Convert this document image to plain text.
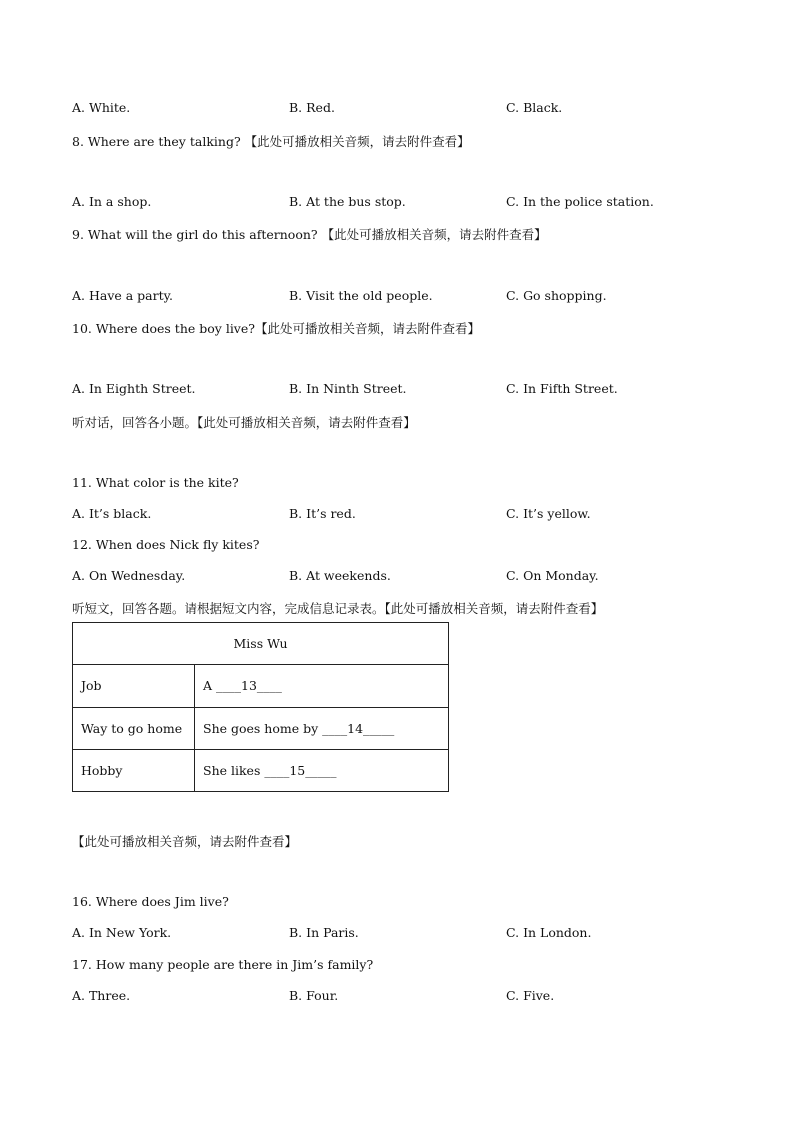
A. White.	B. Red.	C. Black.
8. Where are they talking? 【此处可播放相关音频，请去附件查看】
A. In a shop.	B. At the bus stop.	C. In the police station.
9. What will the girl do this afternoon? 【此处可播放相关音频，请去附件查看】
A. Have a party.	B. Visit the old people.	C. Go shopping.
10. Where does the boy live?【此处可播放相关音频，请去附件查看】
A. In Eighth Street.	B. In Ninth Street.	C. In Fifth Street.
听对话，回答各小题。【此处可播放相关音频，请去附件查看】
11. What color is the kite?
A. It’s black.	B. It’s red.	C. It’s yellow.
12. When does Nick fly kites?
A. On Wednesday.	B. At weekends.	C. On Monday.
听短文，回答各题。请根据短文内容，完成信息记录表。【此处可播放相关音频，请去附件查看】
Miss Wu	
Job	A ____13____
Way to go home	She goes home by ____14_____
Hobby	She likes ____15_____
【此处可播放相关音频，请去附件查看】
16. Where does Jim live?
A. In New York.	B. In Paris.	C. In London.
17. How many people are there in Jim’s family?
A. Three.	B. Four.	C. Five.
